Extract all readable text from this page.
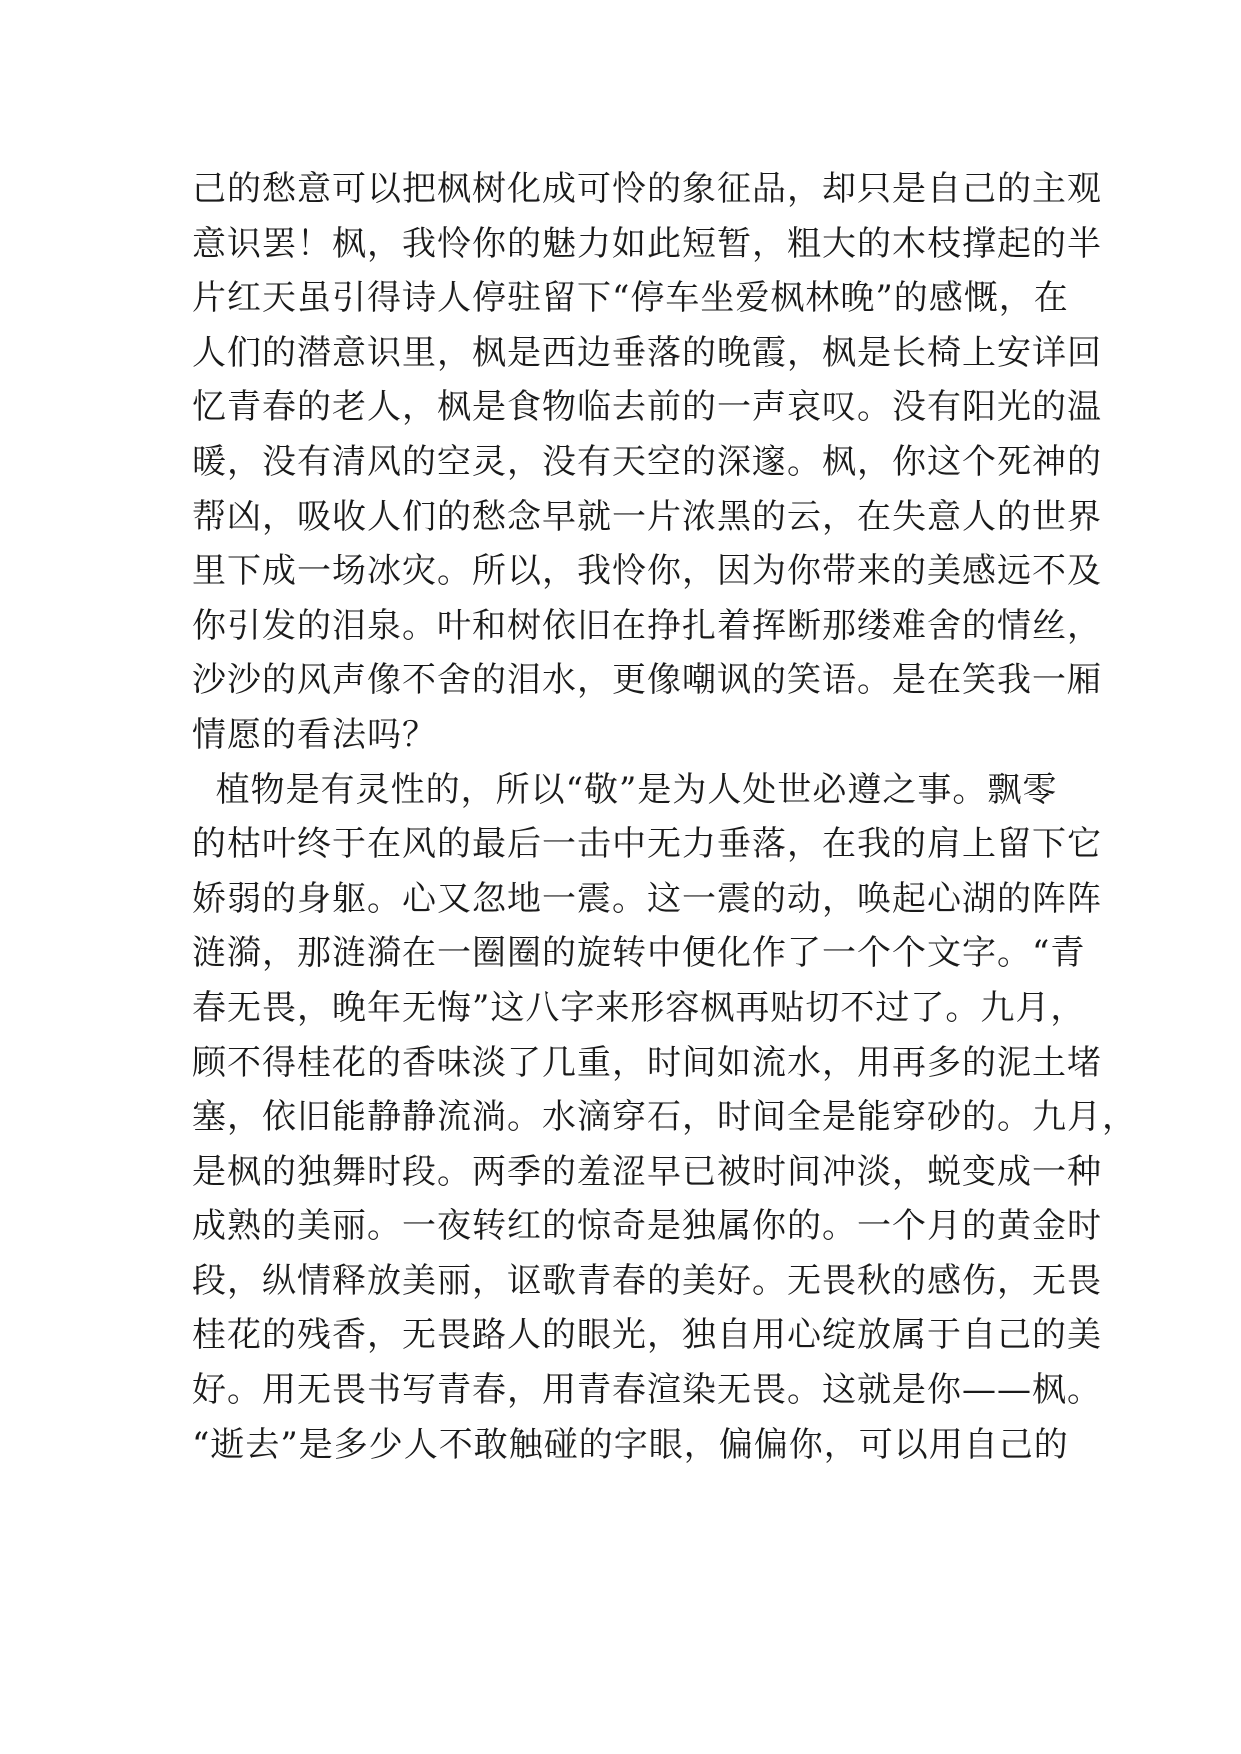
己的愁意可以把枫树化成可怜的象征品，却只是自己的主观
意识罢！枫，我怜你的魅力如此短暂，粗大的木枝撑起的半
片红天虽引得诗人停驻留下“停车坐爱枫林晚”的感慨，在
人们的潜意识里，枫是西边垂落的晚霞，枫是长椅上安详回
忆青春的老人，枫是食物临去前的一声哀叹。没有阳光的温
暖，没有清风的空灵，没有天空的深邃。枫，你这个死神的
帮凶，吸收人们的愁念早就一片浓黑的云，在失意人的世界
里下成一场冰灾。所以，我怜你，因为你带来的美感远不及
你引发的泪泉。叶和树依旧在挣扎着挥断那缕难舍的情丝，
沙沙的风声像不舍的泪水，更像嘲讽的笑语。是在笑我一厢
情愿的看法吗？
植物是有灵性的，所以“敬”是为人处世必遵之事。飘零
的枯叶终于在风的最后一击中无力垂落，在我的肩上留下它
娇弱的身躯。心又忽地一震。这一震的动，唤起心湖的阵阵
涟漪，那涟漪在一圈圈的旋转中便化作了一个个文字。“青
春无畏，晚年无悔”这八字来形容枫再贴切不过了。九月，
顾不得桂花的香味淡了几重，时间如流水，用再多的泥土堵
塞，依旧能静静流淌。水滴穿石，时间全是能穿砂的。九月，
是枫的独舞时段。两季的羞涩早已被时间冲淡，蜕变成一种
成熟的美丽。一夜转红的惊奇是独属你的。一个月的黄金时
段，纵情释放美丽，讴歌青春的美好。无畏秋的感伤，无畏
桂花的残香，无畏路人的眼光，独自用心绽放属于自己的美
好。用无畏书写青春，用青春渲染无畏。这就是你——枫。
“逝去”是多少人不敢触碰的字眼，偏偏你，可以用自己的
